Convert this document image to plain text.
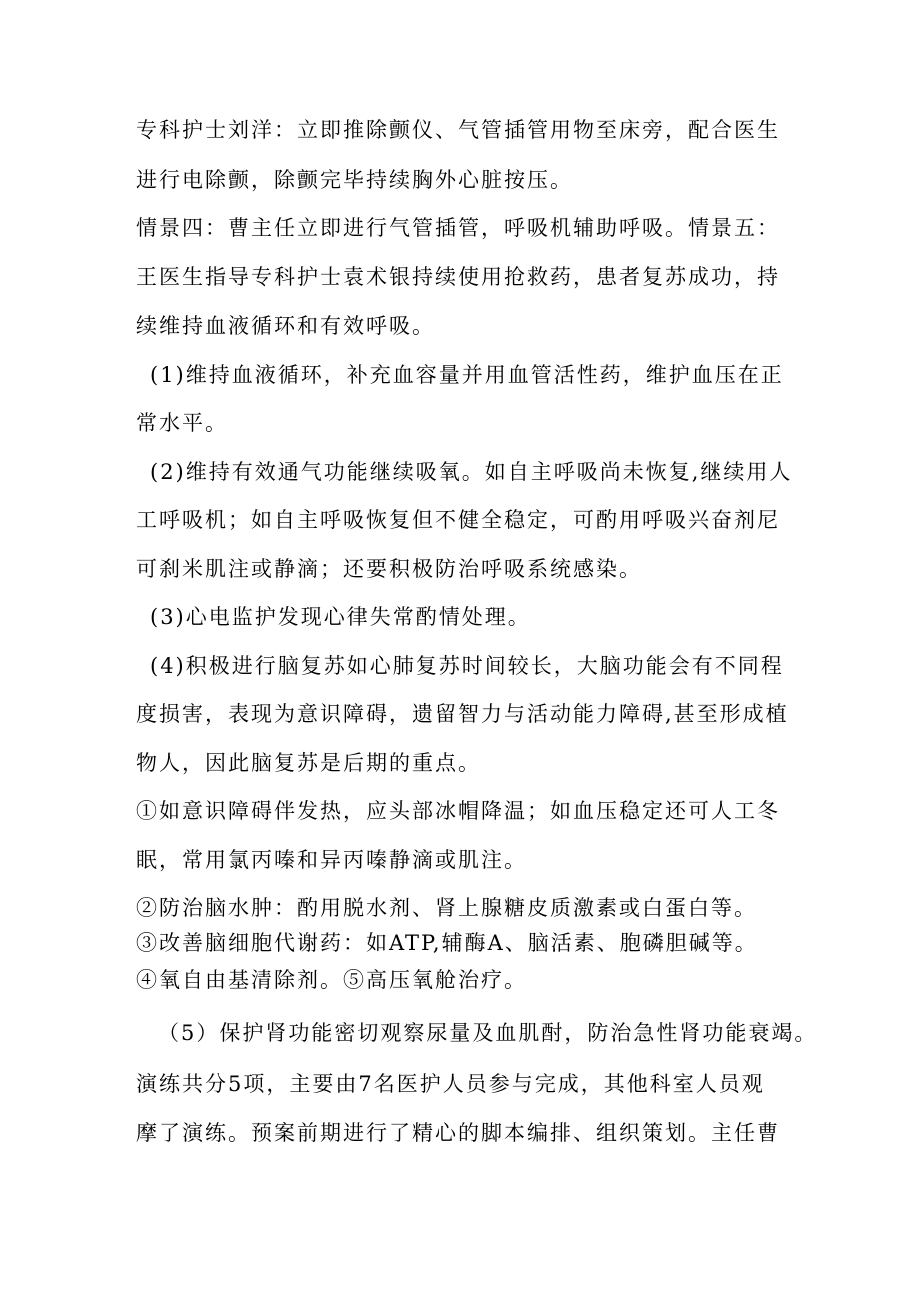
专科护士刘洋：立即推除颤仪、气管插管用物至床旁，配合医生
进行电除颤，除颤完毕持续胸外心脏按压。
情景四：曹主任立即进行气管插管，呼吸机辅助呼吸。情景五：
王医生指导专科护士袁术银持续使用抢救药，患者复苏成功，持
续维持血液循环和有效呼吸。
(1)维持血液循环，补充血容量并用血管活性药，维护血压在正
常水平。
(2)维持有效通气功能继续吸氧。如自主呼吸尚未恢复,继续用人
工呼吸机；如自主呼吸恢复但不健全稳定，可酌用呼吸兴奋剂尼
可刹米肌注或静滴；还要积极防治呼吸系统感染。
(3)心电监护发现心律失常酌情处理。
(4)积极进行脑复苏如心肺复苏时间较长，大脑功能会有不同程
度损害，表现为意识障碍，遗留智力与活动能力障碍,甚至形成植
物人，因此脑复苏是后期的重点。
①如意识障碍伴发热，应头部冰帽降温；如血压稳定还可人工冬
眠，常用氯丙嗪和异丙嗪静滴或肌注。
②防治脑水肿：酌用脱水剂、肾上腺糖皮质激素或白蛋白等。
③改善脑细胞代谢药：如ATP,辅酶A、脑活素、胞磷胆碱等。
④氧自由基清除剂。⑤高压氧舱治疗。
（5）保护肾功能密切观察尿量及血肌酎，防治急性肾功能衰竭。
演练共分5项，主要由7名医护人员参与完成，其他科室人员观
摩了演练。预案前期进行了精心的脚本编排、组织策划。主任曹
